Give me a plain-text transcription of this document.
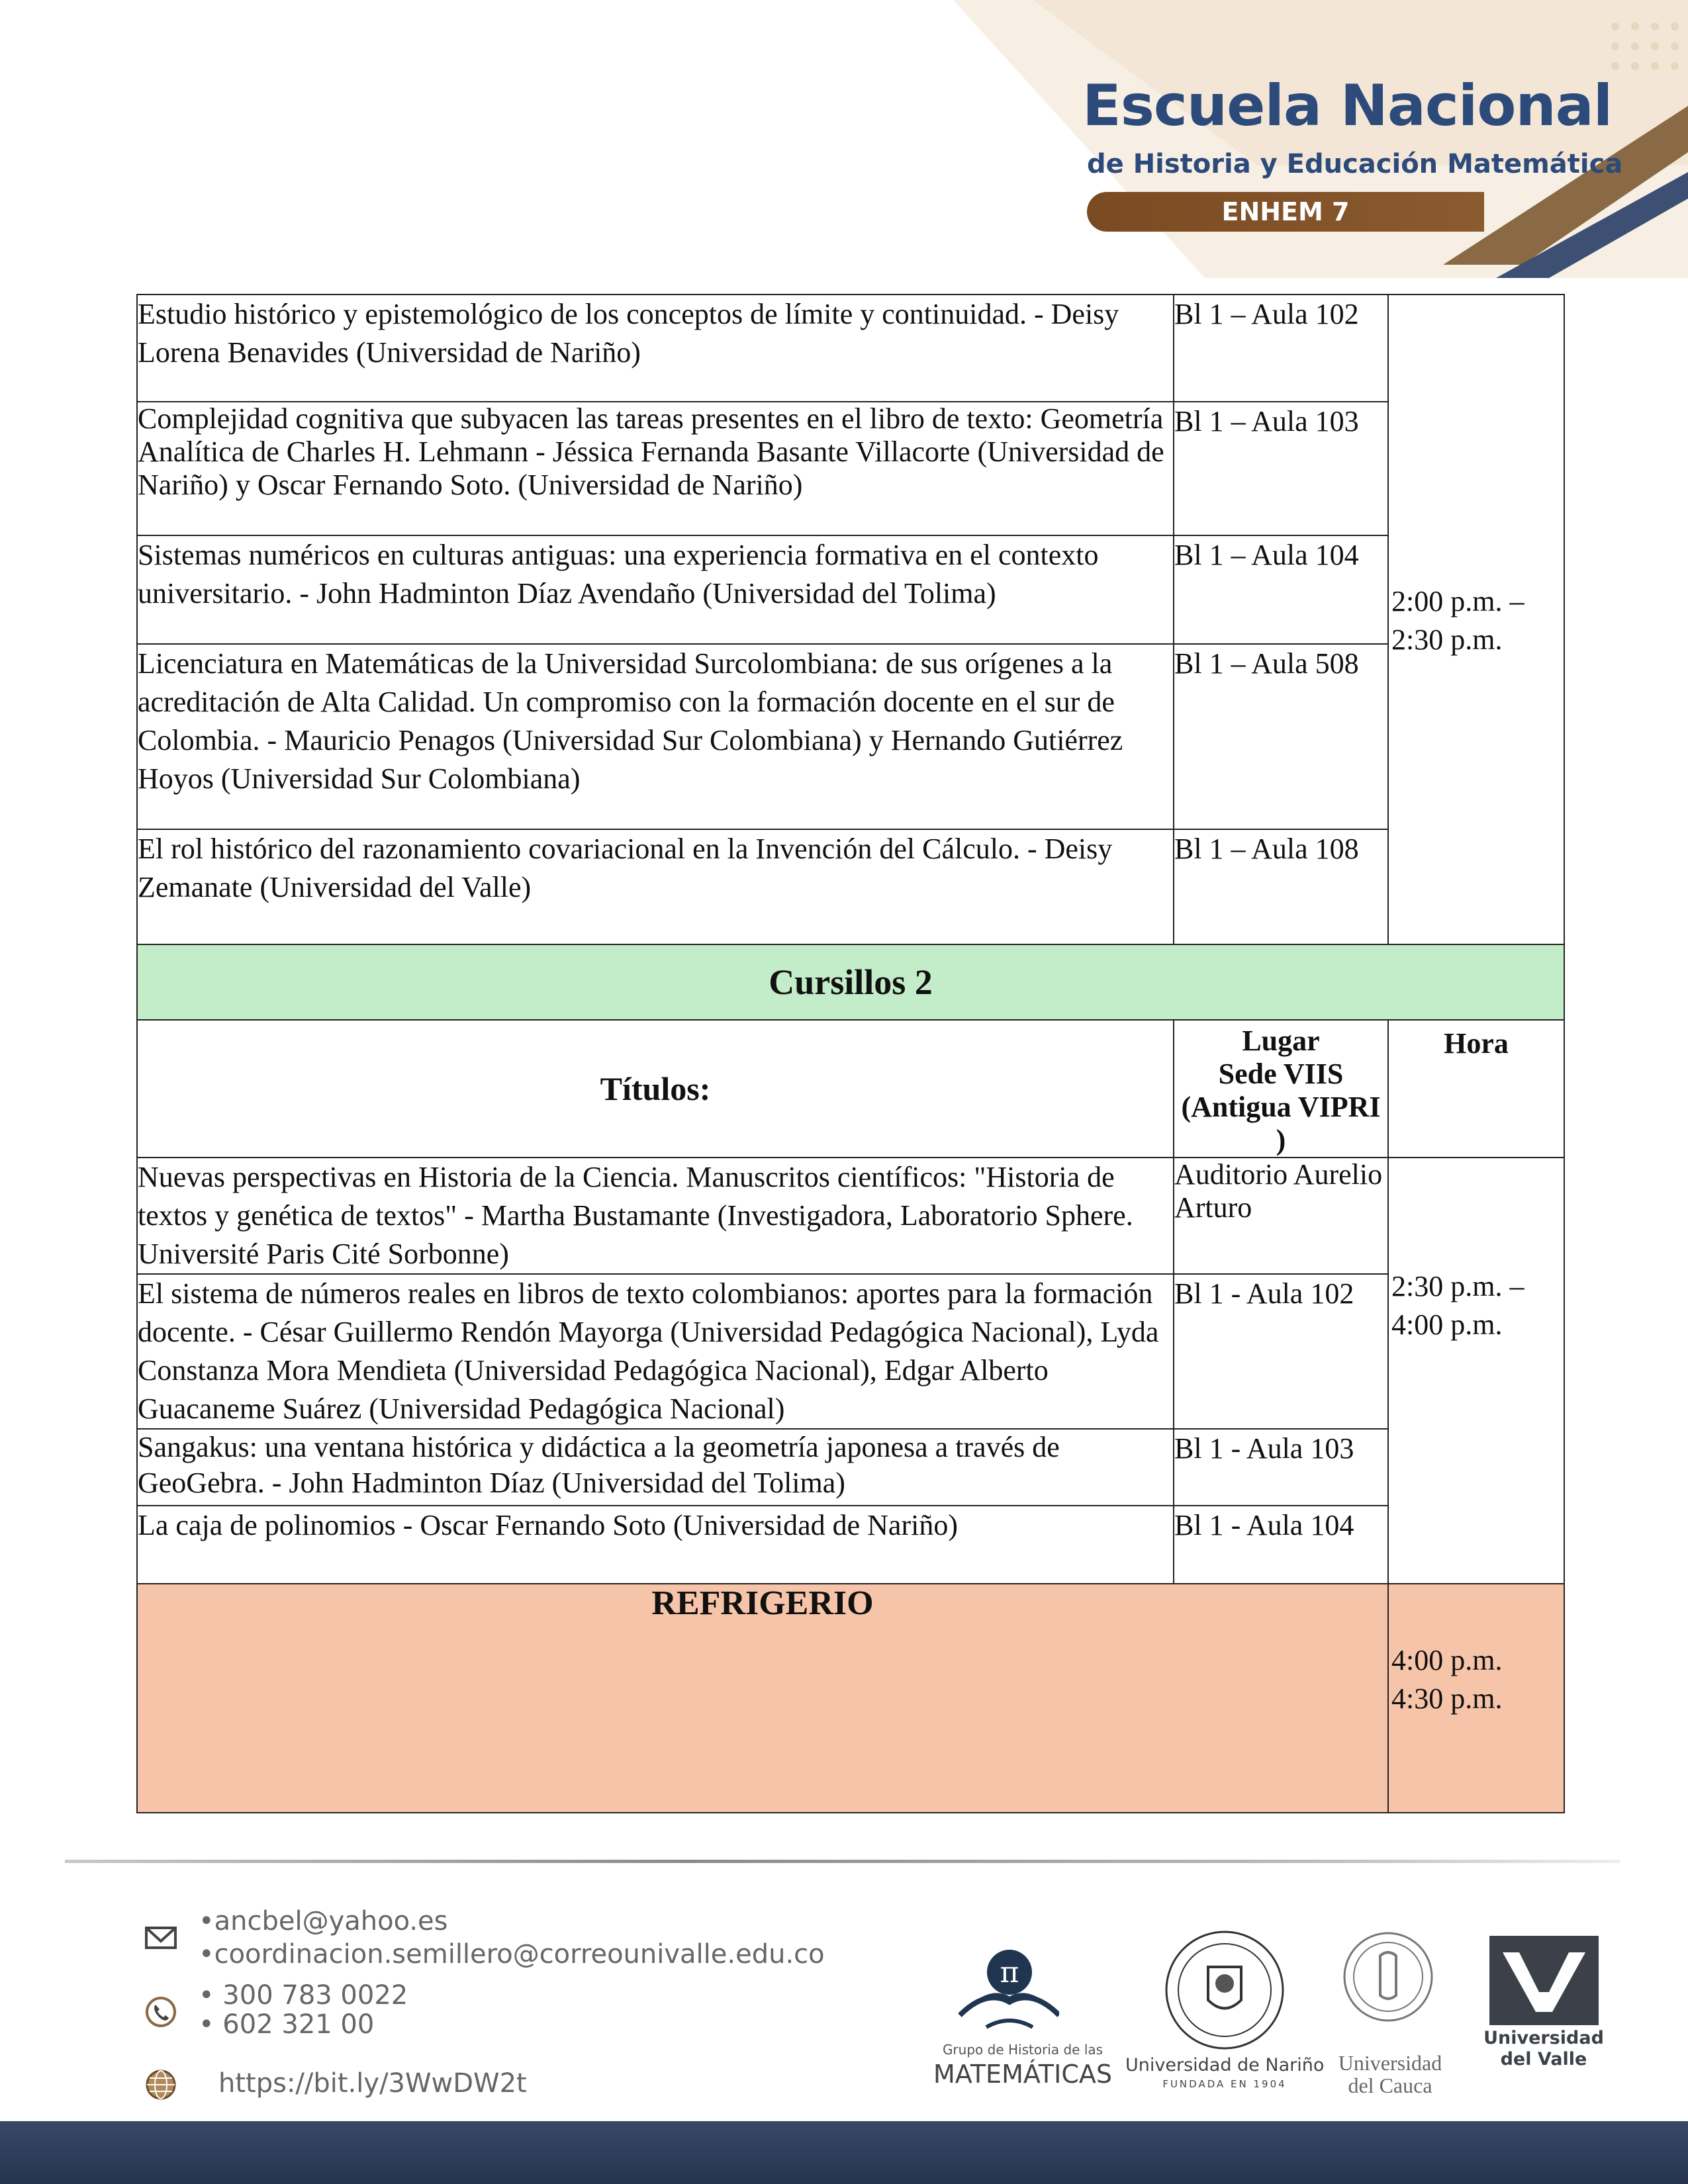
Escuela Nacional
de Historia y Educación Matemática
ENHEM 7
Estudio histórico y epistemológico de los conceptos de límite y continuidad. - Deisy Lorena Benavides (Universidad de Nariño)	Bl 1 – Aula 102	2:00 p.m. –
2:30 p.m.

Complejidad cognitiva que subyacen las tareas presentes en el libro de texto: Geometría Analítica de Charles H. Lehmann - Jéssica Fernanda Basante Villacorte (Universidad de Nariño) y Oscar Fernando Soto. (Universidad de Nariño)	Bl 1 – Aula 103	
Sistemas numéricos en culturas antiguas: una experiencia formativa en el contexto universitario. - John Hadminton Díaz Avendaño (Universidad del Tolima)	Bl 1 – Aula 104	
Licenciatura en Matemáticas de la Universidad Surcolombiana: de sus orígenes a la acreditación de Alta Calidad. Un compromiso con la formación docente en el sur de Colombia. - Mauricio Penagos (Universidad Sur Colombiana) y Hernando Gutiérrez Hoyos (Universidad Sur Colombiana)	Bl 1 – Aula 508	
El rol histórico del razonamiento covariacional en la Invención del Cálculo. - Deisy Zemanate (Universidad del Valle)	Bl 1 – Aula 108	
Cursillos 2		
Títulos:	Lugar
Sede VIIS
(Antigua VIPRI )	Hora
Nuevas perspectivas en Historia de la Ciencia. Manuscritos científicos: "Historia de textos y genética de textos" - Martha Bustamante (Investigadora, Laboratorio Sphere. Université Paris Cité Sorbonne)	Auditorio Aurelio Arturo	2:30 p.m. –
4:00 p.m.

El sistema de números reales en libros de texto colombianos: aportes para la formación docente. - César Guillermo Rendón Mayorga (Universidad Pedagógica Nacional), Lyda Constanza Mora Mendieta (Universidad Pedagógica Nacional), Edgar Alberto Guacaneme Suárez (Universidad Pedagógica Nacional)	Bl 1 - Aula 102	
Sangakus: una ventana histórica y didáctica a la geometría japonesa a través de GeoGebra. - John Hadminton Díaz (Universidad del Tolima)	Bl 1 - Aula 103	
La caja de polinomios - Oscar Fernando Soto (Universidad de Nariño)	Bl 1 - Aula 104	
REFRIGERIO		4:00 p.m.
4:30 p.m.
•ancbel@yahoo.es
•coordinacion.semillero@correounivalle.edu.co
• 300 783 0022
• 602 321 00
https://bit.ly/3WwDW2t
π
Grupo de Historia de las
MATEMÁTICAS Universidad de Nariño
FUNDADA EN 1904
Universidad
del Cauca
Universidad
del Valle
